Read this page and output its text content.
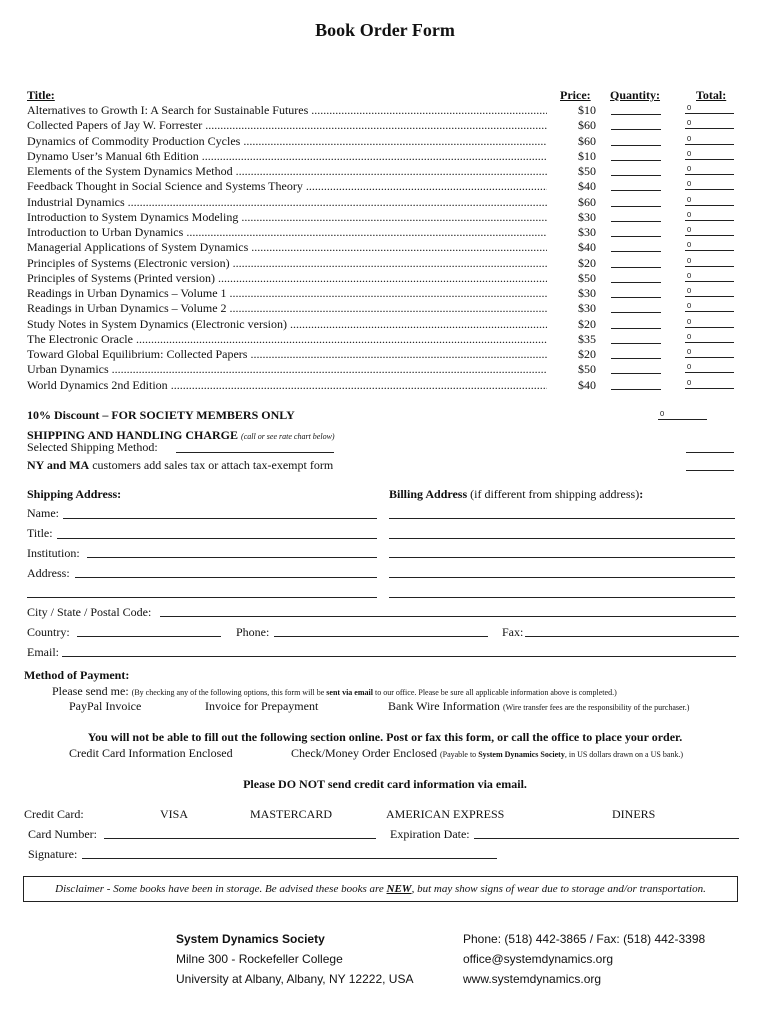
Book Order Form
Title:	Price: Quantity:	Total:
Alternatives to Growth I: A Search for Sustainable Futures .....	$10	0
Collected Papers of Jay W. Forrester .....	$60	0
Dynamics of Commodity Production Cycles .....	$60	0
Dynamo User’s Manual 6th Edition .....	$10	0
Elements of the System Dynamics Method .....	$50	0
Feedback Thought in Social Science and Systems Theory .....	$40	0
Industrial Dynamics .....	$60	0
Introduction to System Dynamics Modeling .....	$30	0
Introduction to Urban Dynamics .....	$30	0
Managerial Applications of System Dynamics .....	$40	0
Principles of Systems (Electronic version) .....	$20	0
Principles of Systems (Printed version) .....	$50	0
Readings in Urban Dynamics – Volume 1 .....	$30	0
Readings in Urban Dynamics – Volume 2 .....	$30	0
Study Notes in System Dynamics (Electronic version) .....	$20	0
The Electronic Oracle .....	$35	0
Toward Global Equilibrium: Collected Papers .....	$20	0
Urban Dynamics .....	$50	0
World Dynamics 2nd Edition .....	$40	0
10% Discount – FOR SOCIETY MEMBERS ONLY	0
SHIPPING AND HANDLING CHARGE (call or see rate chart below)
Selected Shipping Method:
NY and MA customers add sales tax or attach tax-exempt form
Shipping Address:	Billing Address (if different from shipping address):
Name:
Title:
Institution:
Address:
City / State / Postal Code:
Country:	Phone:	Fax:
Email:
Method of Payment:
Please send me: (By checking any of the following options, this form will be sent via email to our office. Please be sure all applicable information above is completed.)
PayPal Invoice	Invoice for Prepayment	Bank Wire Information (Wire transfer fees are the responsibility of the purchaser.)
You will not be able to fill out the following section online. Post or fax this form, or call the office to place your order.
Credit Card Information Enclosed	Check/Money Order Enclosed (Payable to System Dynamics Society, in US dollars drawn on a US bank.)
Please DO NOT send credit card information via email.
Credit Card:	VISA	MASTERCARD	AMERICAN EXPRESS	DINERS
Card Number:	Expiration Date:
Signature:
Disclaimer - Some books have been in storage. Be advised these books are NEW, but may show signs of wear due to storage and/or transportation.
System Dynamics Society
Milne 300 - Rockefeller College
University at Albany, Albany, NY 12222, USA
Phone: (518) 442-3865 / Fax: (518) 442-3398
office@systemdynamics.org
www.systemdynamics.org
